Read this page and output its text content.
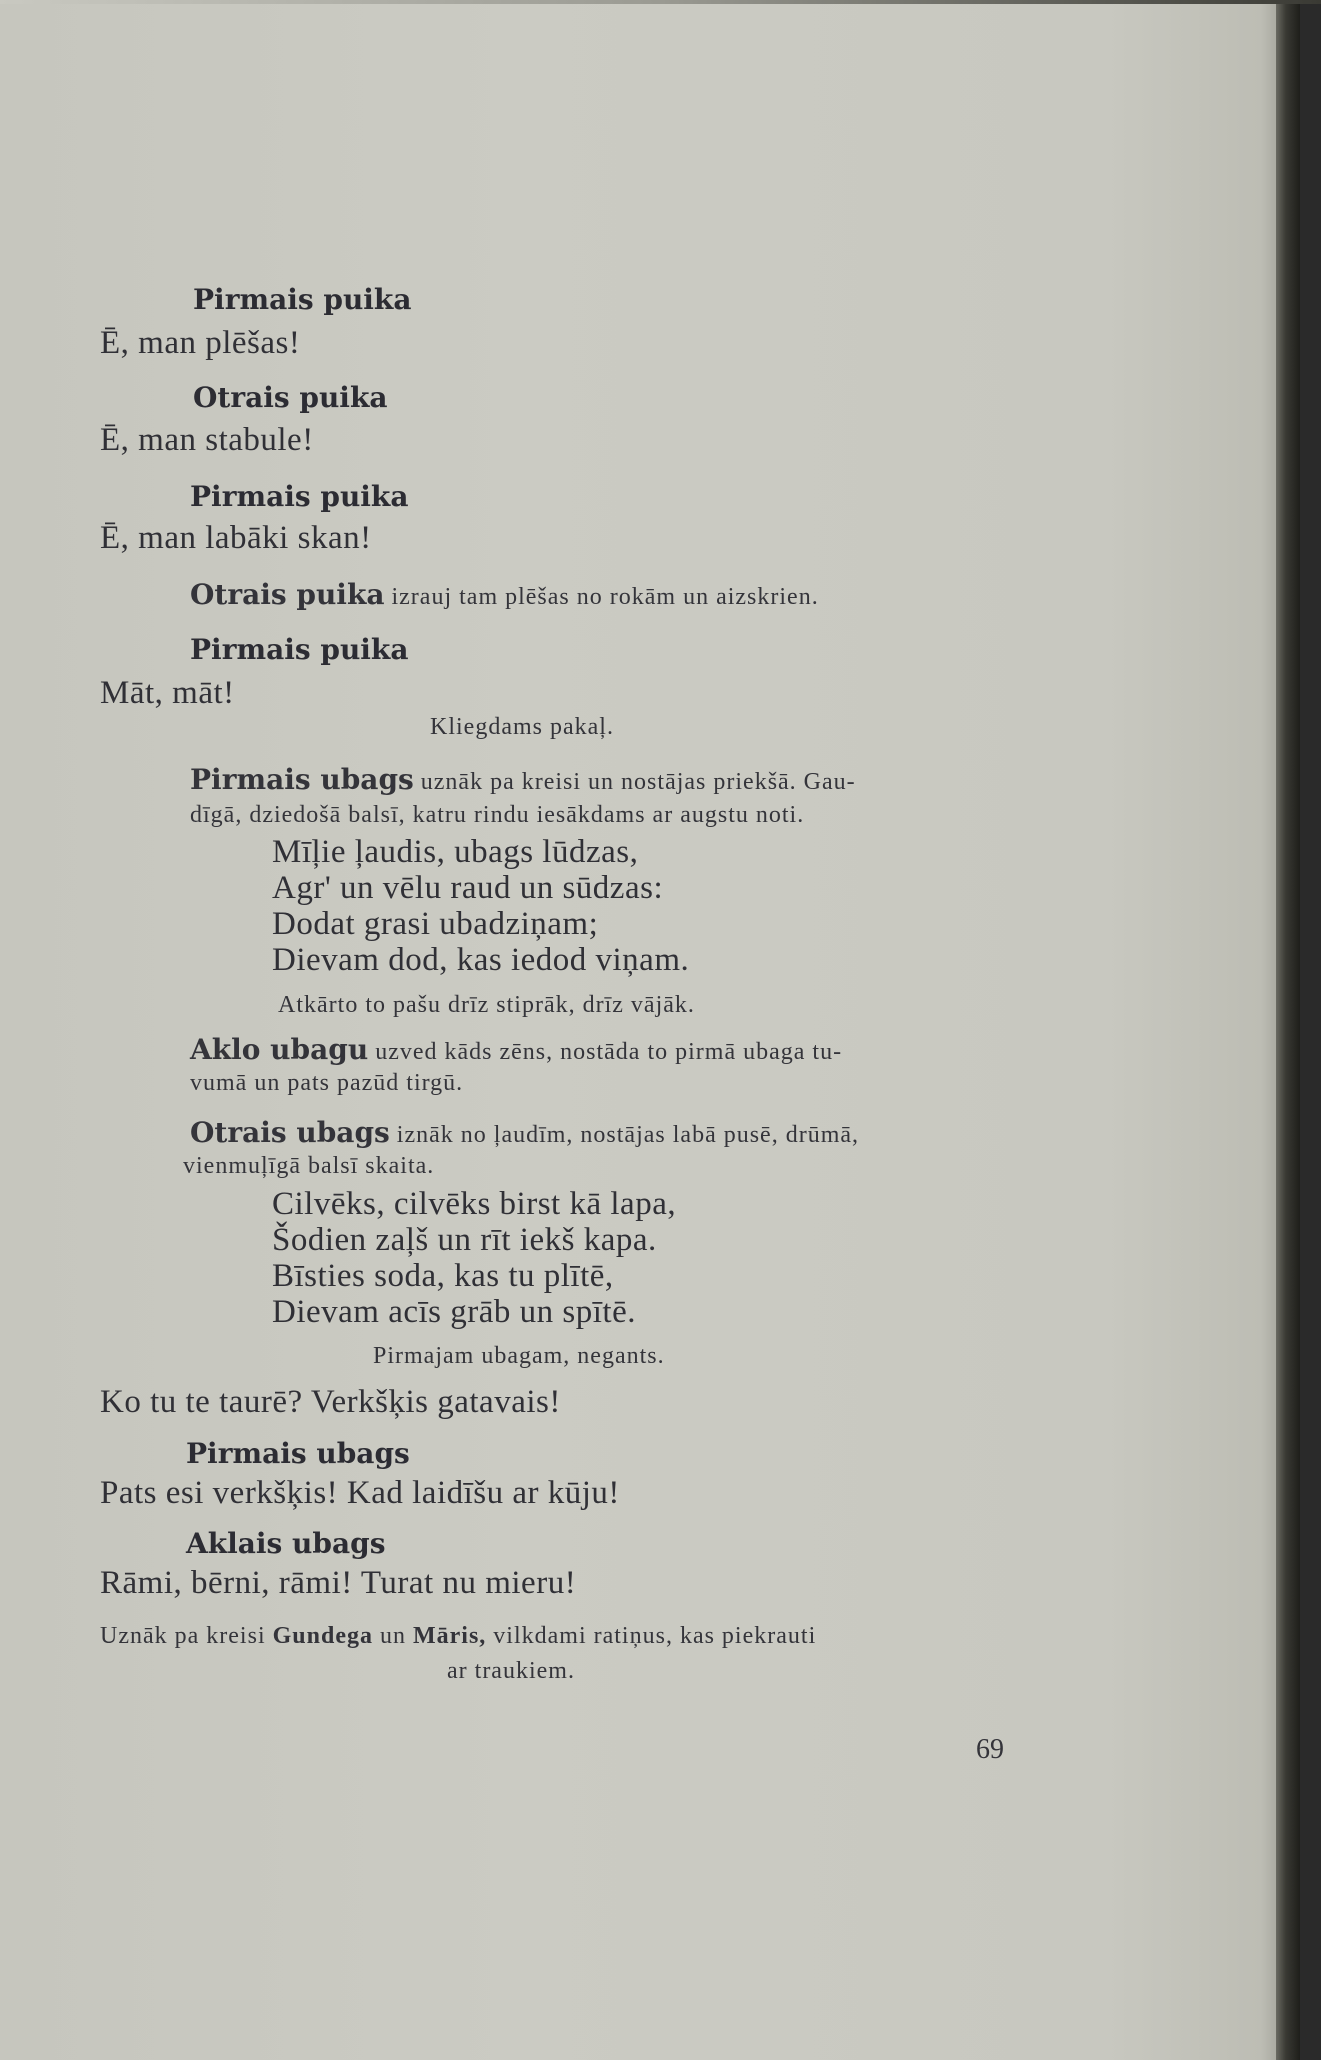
Pirmais puika
Ē, man plēšas!
Otrais puika
Ē, man stabule!
Pirmais puika
Ē, man labāki skan!
Otrais puika izrauj tam plēšas no rokām un aizskrien.
Pirmais puika
Māt, māt!
Kliegdams pakaļ.
Pirmais ubags uznāk pa kreisi un nostājas priekšā. Gau-
dīgā, dziedošā balsī, katru rindu iesākdams ar augstu noti.
Mīļie ļaudis, ubags lūdzas,
Agr' un vēlu raud un sūdzas:
Dodat grasi ubadziņam;
Dievam dod, kas iedod viņam.
Atkārto to pašu drīz stiprāk, drīz vājāk.
Aklo ubagu uzved kāds zēns, nostāda to pirmā ubaga tu-
vumā un pats pazūd tirgū.
Otrais ubags iznāk no ļaudīm, nostājas labā pusē, drūmā,
vienmuļīgā balsī skaita.
Cilvēks, cilvēks birst kā lapa,
Šodien zaļš un rīt iekš kapa.
Bīsties soda, kas tu plītē,
Dievam acīs grāb un spītē.
Pirmajam ubagam, negants.
Ko tu te taurē? Verkšķis gatavais!
Pirmais ubags
Pats esi verkšķis! Kad laidīšu ar kūju!
Aklais ubags
Rāmi, bērni, rāmi! Turat nu mieru!
Uznāk pa kreisi Gundega un Māris, vilkdami ratiņus, kas piekrauti
ar traukiem.
69
